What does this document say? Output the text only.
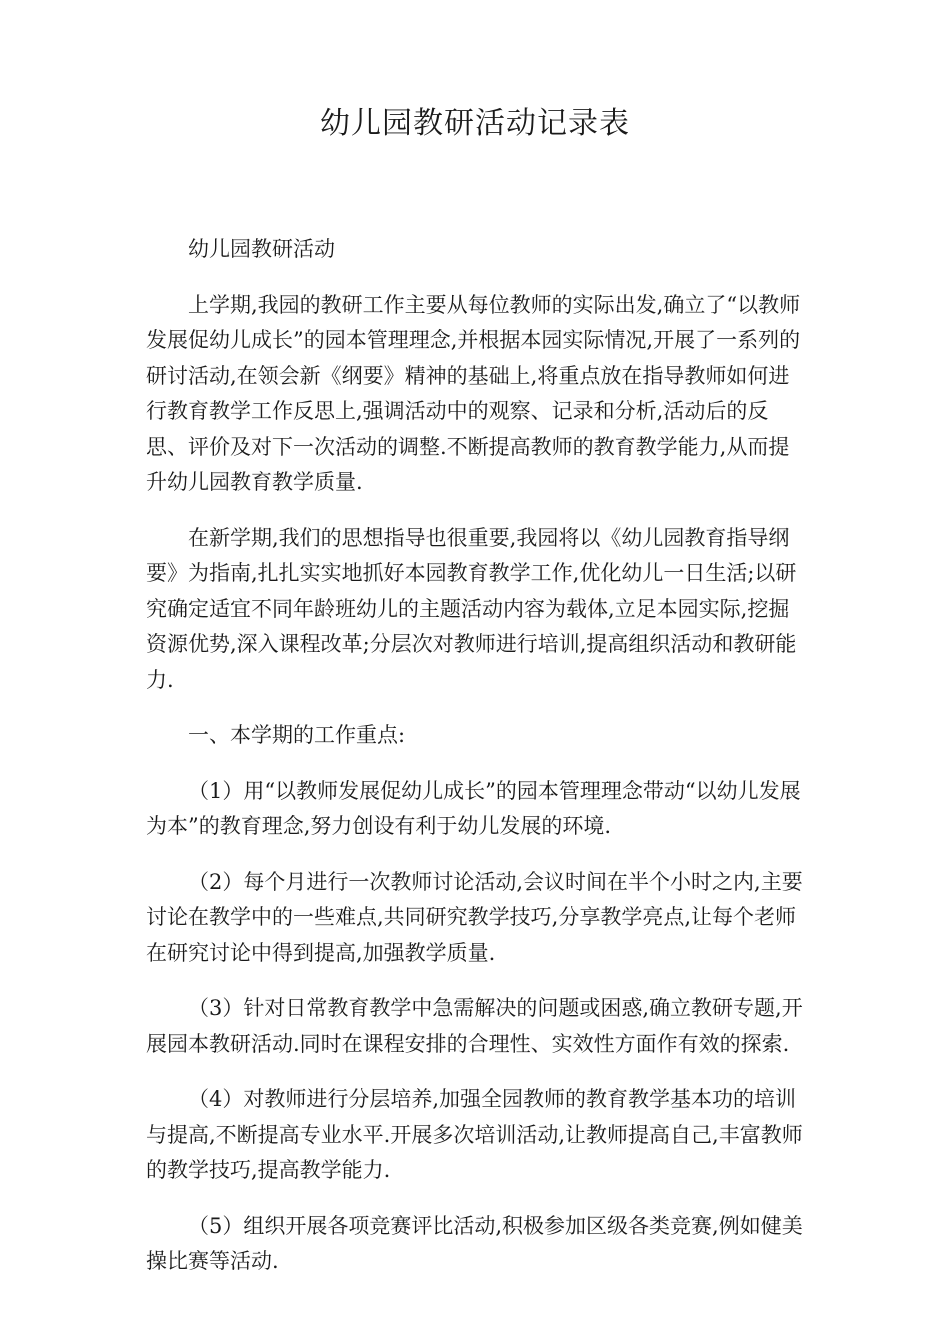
幼儿园教研活动记录表

幼儿园教研活动

上学期,我园的教研工作主要从每位教师的实际出发,确立了“以教师发展促幼儿成长”的园本管理理念,并根据本园实际情况,开展了一系列的研讨活动,在领会新《纲要》精神的基础上,将重点放在指导教师如何进行教育教学工作反思上,强调活动中的观察、记录和分析,活动后的反思、评价及对下一次活动的调整.不断提高教师的教育教学能力,从而提升幼儿园教育教学质量.

在新学期,我们的思想指导也很重要,我园将以《幼儿园教育指导纲要》为指南,扎扎实实地抓好本园教育教学工作,优化幼儿一日生活;以研究确定适宜不同年龄班幼儿的主题活动内容为载体,立足本园实际,挖掘资源优势,深入课程改革;分层次对教师进行培训,提高组织活动和教研能力.

一、本学期的工作重点:

（1）用“以教师发展促幼儿成长”的园本管理理念带动“以幼儿发展为本”的教育理念,努力创设有利于幼儿发展的环境.

（2）每个月进行一次教师讨论活动,会议时间在半个小时之内,主要讨论在教学中的一些难点,共同研究教学技巧,分享教学亮点,让每个老师在研究讨论中得到提高,加强教学质量.

（3）针对日常教育教学中急需解决的问题或困惑,确立教研专题,开展园本教研活动.同时在课程安排的合理性、实效性方面作有效的探索.

（4）对教师进行分层培养,加强全园教师的教育教学基本功的培训与提高,不断提高专业水平.开展多次培训活动,让教师提高自己,丰富教师的教学技巧,提高教学能力.

（5）组织开展各项竞赛评比活动,积极参加区级各类竞赛,例如健美操比赛等活动.
